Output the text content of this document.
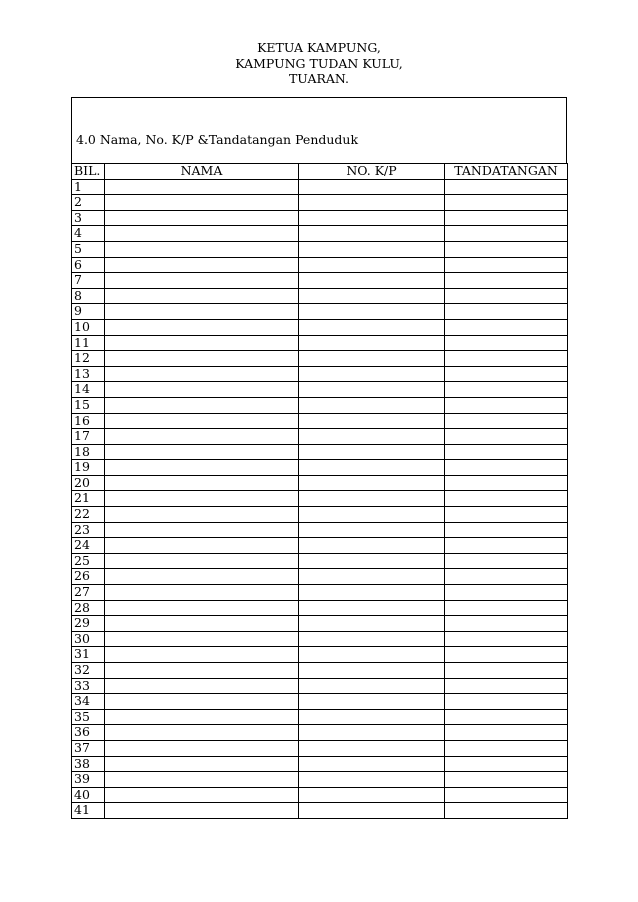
KETUA KAMPUNG,
KAMPUNG TUDAN KULU,
TUARAN.
4.0 Nama, No. K/P &Tandatangan Penduduk
BIL.	NAMA	NO. K/P	TANDATANGAN
1			
2			
3			
4			
5			
6			
7			
8			
9			
10			
11			
12			
13			
14			
15			
16			
17			
18			
19			
20			
21			
22			
23			
24			
25			
26			
27			
28			
29			
30			
31			
32			
33			
34			
35			
36			
37			
38			
39			
40			
41			
